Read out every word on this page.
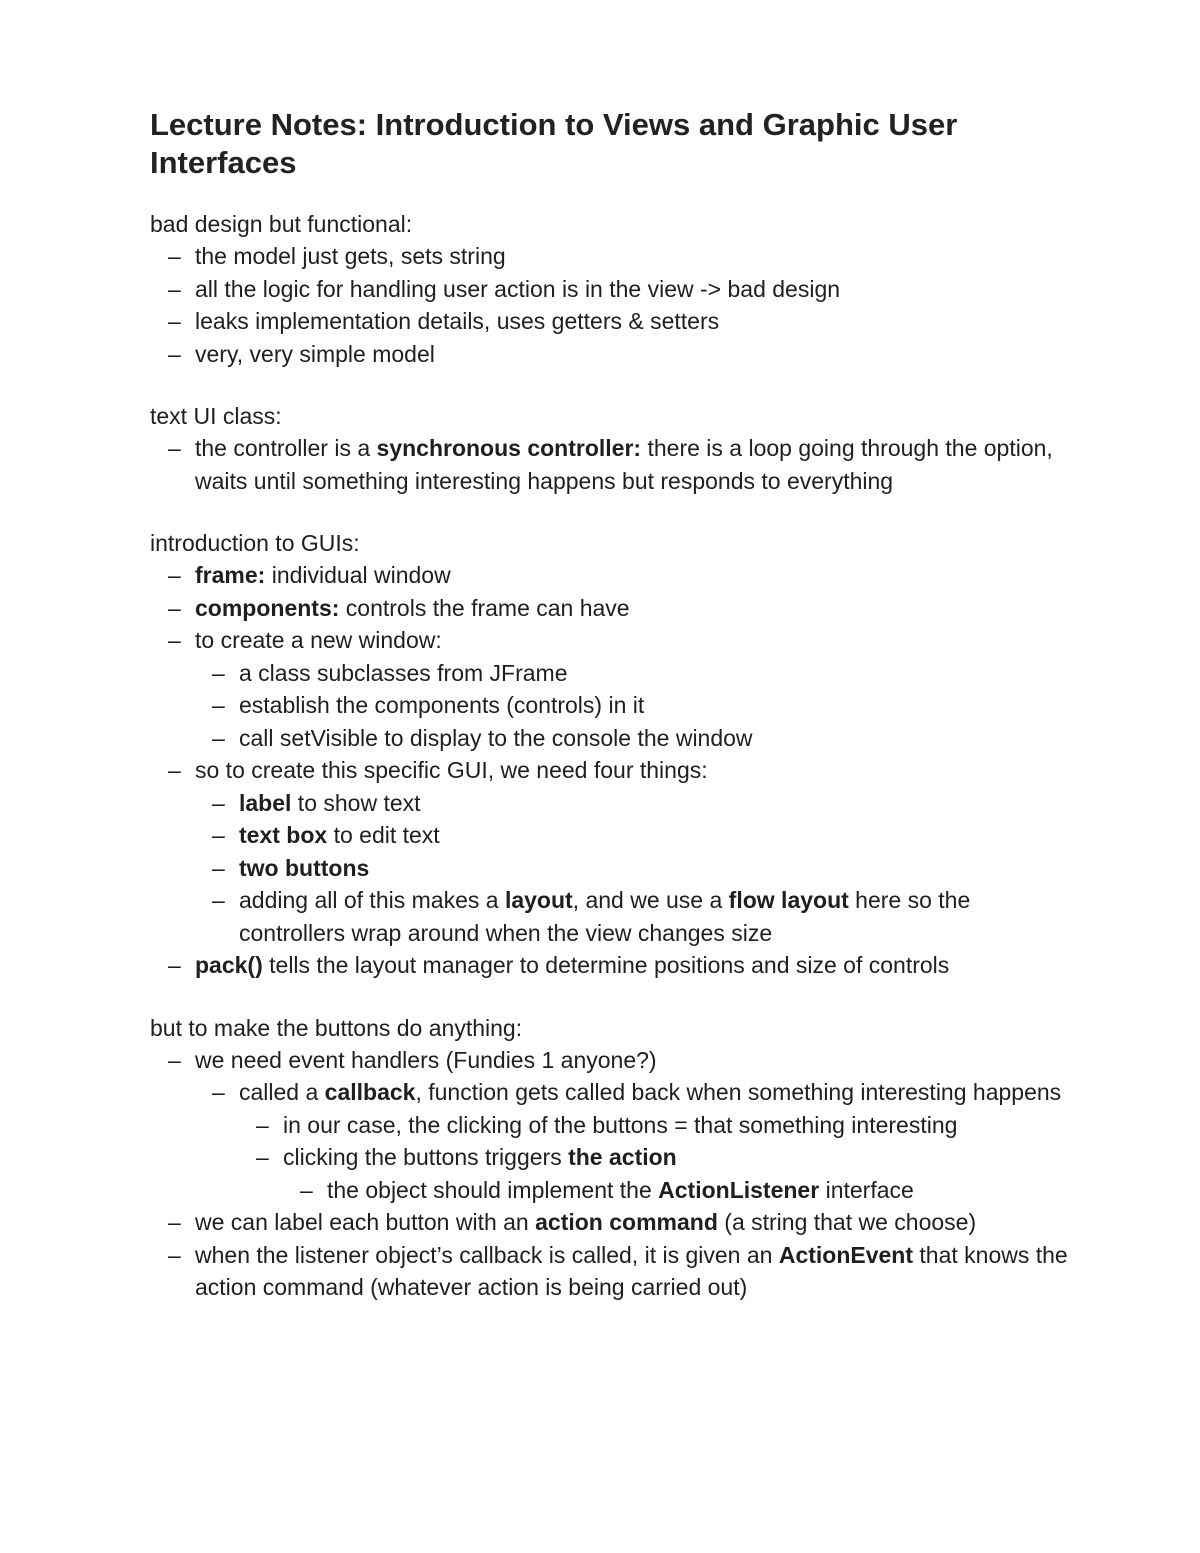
Lecture Notes: Introduction to Views and Graphic User Interfaces

bad design but functional:

– the model just gets, sets string
– all the logic for handling user action is in the view -> bad design
– leaks implementation details, uses getters & setters
– very, very simple model

text UI class:

– the controller is a synchronous controller: there is a loop going through the option, waits until something interesting happens but responds to everything

introduction to GUIs:

– frame: individual window
– components: controls the frame can have
– to create a new window:
– a class subclasses from JFrame
– establish the components (controls) in it
– call setVisible to display to the console the window
– so to create this specific GUI, we need four things:
– label to show text
– text box to edit text
– two buttons
– adding all of this makes a layout, and we use a flow layout here so the controllers wrap around when the view changes size
– pack() tells the layout manager to determine positions and size of controls

but to make the buttons do anything:

– we need event handlers (Fundies 1 anyone?)
– called a callback, function gets called back when something interesting happens
– in our case, the clicking of the buttons = that something interesting
– clicking the buttons triggers the action
– the object should implement the ActionListener interface
– we can label each button with an action command (a string that we choose)
– when the listener object’s callback is called, it is given an ActionEvent that knows the action command (whatever action is being carried out)
